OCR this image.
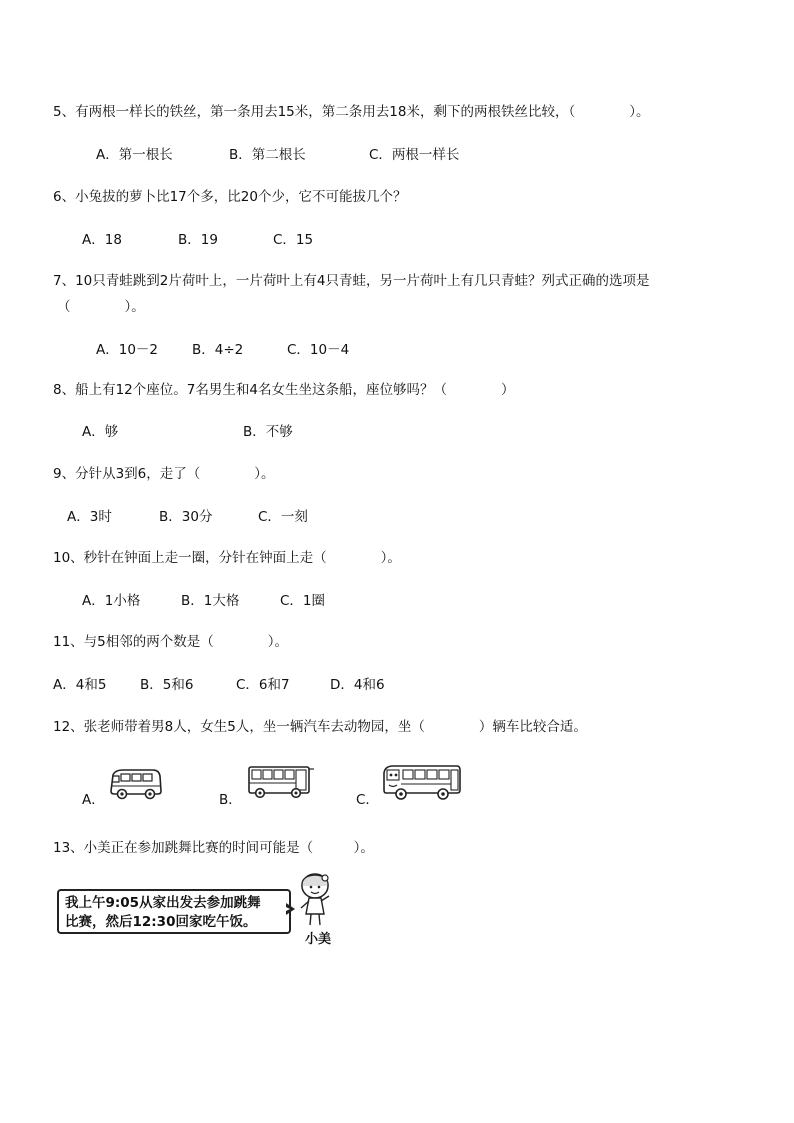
5、有两根一样长的铁丝，第一条用去15米，第二条用去18米，剩下的两根铁丝比较，（　　　　）。
A．第一根长	B．第二根长	C．两根一样长
6、小兔拔的萝卜比17个多，比20个少，它不可能拔几个？
A．18	B．19	C．15
7、10只青蛙跳到2片荷叶上，一片荷叶上有4只青蛙，另一片荷叶上有几只青蛙？列式正确的选项是
（　　　　）。
A．10－2	B．4÷2	C．10－4
8、船上有12个座位。7名男生和4名女生坐这条船，座位够吗？（　　　　）
A．够	B．不够
9、分针从3到6，走了（　　　　）。
A．3时	B．30分	C．一刻
10、秒针在钟面上走一圈，分针在钟面上走（　　　　）。
A．1小格	B．1大格	C．1圈
11、与5相邻的两个数是（　　　　）。
A．4和5 B．5和6	C．6和7	D．4和6
12、张老师带着男8人，女生5人，坐一辆汽车去动物园，坐（　　　　）辆车比较合适。
A．	B．	C．
13、小美正在参加跳舞比赛的时间可能是（　　　）。
我上午9:05从家出发去参加跳舞
比赛，然后12:30回家吃午饭。
小美
